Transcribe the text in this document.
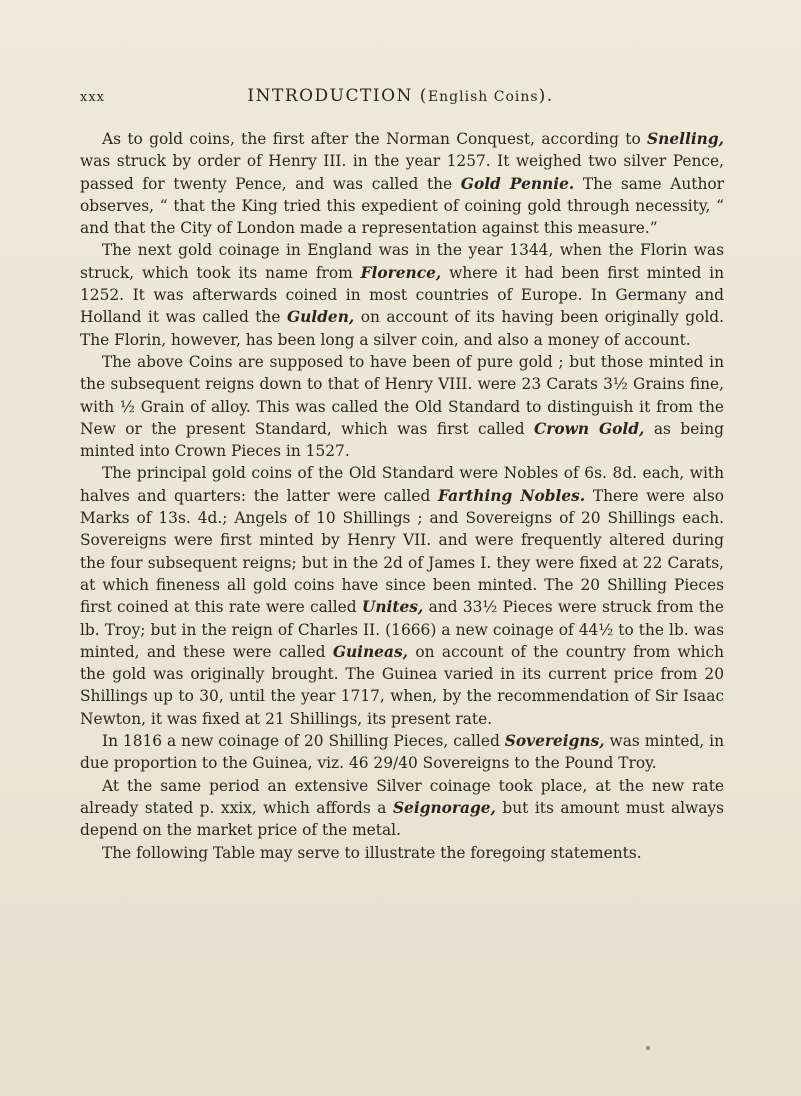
xxx	INTRODUCTION (English Coins).

As to gold coins, the first after the Norman Conquest, according to Snelling, was struck by order of Henry III. in the year 1257. It weighed two silver Pence, passed for twenty Pence, and was called the Gold Pennie. The same Author observes, “ that the King tried this expedient of coining gold through necessity, “ and that the City of London made a representation against this measure.”

The next gold coinage in England was in the year 1344, when the Florin was struck, which took its name from Florence, where it had been first minted in 1252. It was afterwards coined in most countries of Europe. In Germany and Holland it was called the Gulden, on account of its having been originally gold. The Florin, however, has been long a silver coin, and also a money of account.

The above Coins are supposed to have been of pure gold ; but those minted in the subsequent reigns down to that of Henry VIII. were 23 Carats 3½ Grains fine, with ½ Grain of alloy. This was called the Old Standard to distinguish it from the New or the present Standard, which was first called Crown Gold, as being minted into Crown Pieces in 1527.

The principal gold coins of the Old Standard were Nobles of 6s. 8d. each, with halves and quarters: the latter were called Farthing Nobles. There were also Marks of 13s. 4d.; Angels of 10 Shillings ; and Sovereigns of 20 Shillings each. Sovereigns were first minted by Henry VII. and were frequently altered during the four subsequent reigns; but in the 2d of James I. they were fixed at 22 Carats, at which fineness all gold coins have since been minted. The 20 Shilling Pieces first coined at this rate were called Unites, and 33½ Pieces were struck from the lb. Troy; but in the reign of Charles II. (1666) a new coinage of 44½ to the lb. was minted, and these were called Guineas, on account of the country from which the gold was originally brought. The Guinea varied in its current price from 20 Shillings up to 30, until the year 1717, when, by the recommendation of Sir Isaac Newton, it was fixed at 21 Shillings, its present rate.

In 1816 a new coinage of 20 Shilling Pieces, called Sovereigns, was minted, in due proportion to the Guinea, viz. 46 29/40 Sovereigns to the Pound Troy.

At the same period an extensive Silver coinage took place, at the new rate already stated p. xxix, which affords a Seignorage, but its amount must always depend on the market price of the metal.

The following Table may serve to illustrate the foregoing statements.
